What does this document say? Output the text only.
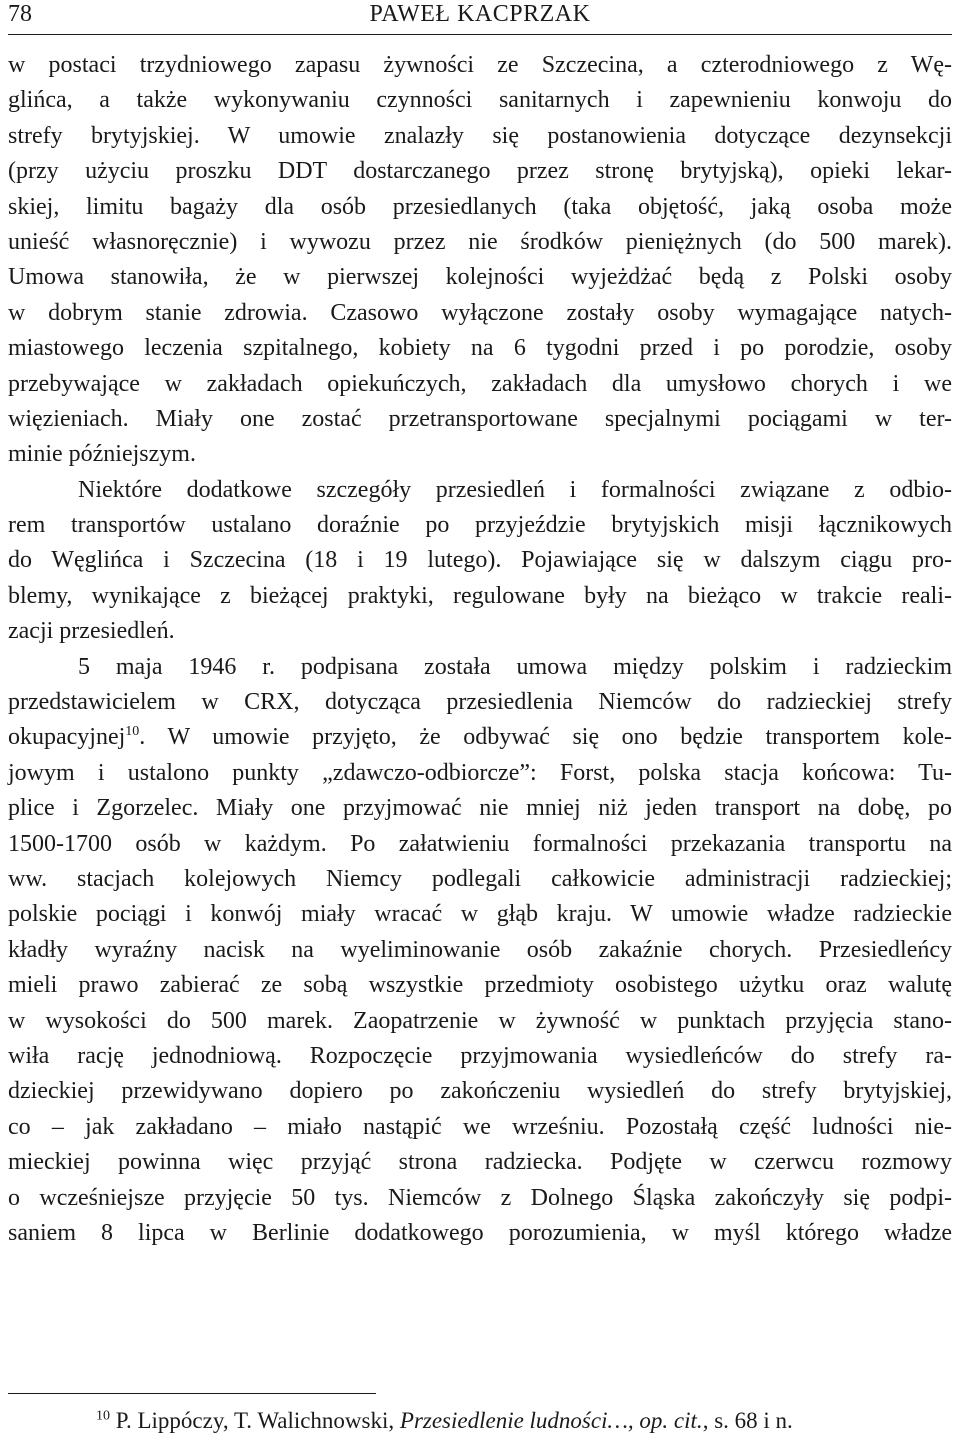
78	PAWEŁ KACPRZAK
w postaci trzydniowego zapasu żywności ze Szczecina, a czterodniowego z Wę-
glińca, a także wykonywaniu czynności sanitarnych i zapewnieniu konwoju do
strefy brytyjskiej. W umowie znalazły się postanowienia dotyczące dezynsekcji
(przy użyciu proszku DDT dostarczanego przez stronę brytyjską), opieki lekar-
skiej, limitu bagaży dla osób przesiedlanych (taka objętość, jaką osoba może
unieść własnoręcznie) i wywozu przez nie środków pieniężnych (do 500 marek).
Umowa stanowiła, że w pierwszej kolejności wyjeżdżać będą z Polski osoby
w dobrym stanie zdrowia. Czasowo wyłączone zostały osoby wymagające natych-
miastowego leczenia szpitalnego, kobiety na 6 tygodni przed i po porodzie, osoby
przebywające w zakładach opiekuńczych, zakładach dla umysłowo chorych i we
więzieniach. Miały one zostać przetransportowane specjalnymi pociągami w ter-
minie późniejszym.
Niektóre dodatkowe szczegóły przesiedleń i formalności związane z odbio-
rem transportów ustalano doraźnie po przyjeździe brytyjskich misji łącznikowych
do Węglińca i Szczecina (18 i 19 lutego). Pojawiające się w dalszym ciągu pro-
blemy, wynikające z bieżącej praktyki, regulowane były na bieżąco w trakcie reali-
zacji przesiedleń.
5 maja 1946 r. podpisana została umowa między polskim i radzieckim
przedstawicielem w CRX, dotycząca przesiedlenia Niemców do radzieckiej strefy
okupacyjnej$^{10}$. W umowie przyjęto, że odbywać się ono będzie transportem kole-
jowym i ustalono punkty „zdawczo-odbiorcze”: Forst, polska stacja końcowa: Tu-
plice i Zgorzelec. Miały one przyjmować nie mniej niż jeden transport na dobę, po
1500-1700 osób w każdym. Po załatwieniu formalności przekazania transportu na
ww. stacjach kolejowych Niemcy podlegali całkowicie administracji radzieckiej;
polskie pociągi i konwój miały wracać w głąb kraju. W umowie władze radzieckie
kładły wyraźny nacisk na wyeliminowanie osób zakaźnie chorych. Przesiedleńcy
mieli prawo zabierać ze sobą wszystkie przedmioty osobistego użytku oraz walutę
w wysokości do 500 marek. Zaopatrzenie w żywność w punktach przyjęcia stano-
wiła rację jednodniową. Rozpoczęcie przyjmowania wysiedleńców do strefy ra-
dzieckiej przewidywano dopiero po zakończeniu wysiedleń do strefy brytyjskiej,
co – jak zakładano – miało nastąpić we wrześniu. Pozostałą część ludności nie-
mieckiej powinna więc przyjąć strona radziecka. Podjęte w czerwcu rozmowy
o wcześniejsze przyjęcie 50 tys. Niemców z Dolnego Śląska zakończyły się podpi-
saniem 8 lipca w Berlinie dodatkowego porozumienia, w myśl którego władze
$^{10}$ P. Lippóczy, T. Walichnowski, Przesiedlenie ludności…, op. cit., s. 68 i n.
